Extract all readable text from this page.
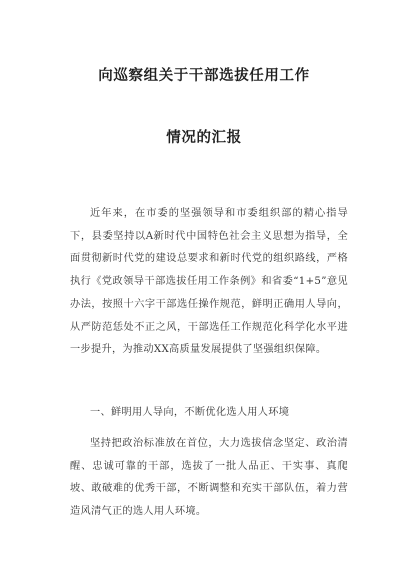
向巡察组关于干部选拔任用工作
情况的汇报
近年来，在市委的坚强领导和市委组织部的精心指导下，县委坚持以A新时代中国特色社会主义思想为指导，全面贯彻新时代党的建设总要求和新时代党的组织路线，严格执行《党政领导干部选拔任用工作条例》和省委“1+5”意见办法，按照十六字干部选任操作规范，鲜明正确用人导向，从严防范恁处不正之风，干部选任工作规范化科学化水平进一步提升，为推动XX高质量发展提供了坚强组织保障。
一、鲜明用人导向，不断优化选人用人环境
坚持把政治标准放在首位，大力选拔信念坚定、政治清醒、忠诚可靠的干部，选拔了一批人品正、干实事、真爬坡、敢破难的优秀干部，不断调整和充实干部队伍，着力营造风清气正的选人用人环境。
